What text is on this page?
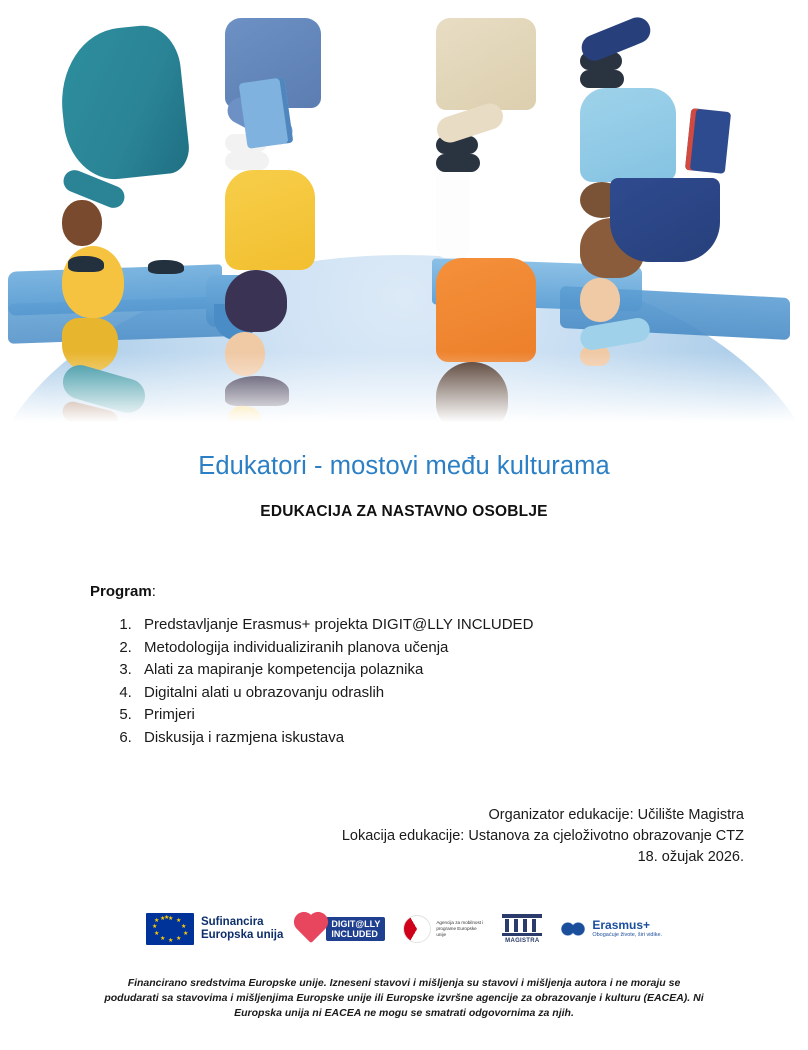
Edukatori - mostovi među kulturama
EDUKACIJA ZA NASTAVNO OSOBLJE
Program:
1. Predstavljanje Erasmus+ projekta DIGIT@LLY INCLUDED
2. Metodologija individualiziranih planova učenja
3. Alati za mapiranje kompetencija polaznika
4. Digitalni alati u obrazovanju odraslih
5. Primjeri
6. Diskusija i razmjena iskustava
Organizator edukacije: Učilište Magistra
Lokacija edukacije: Ustanova za cjeloživotno obrazovanje CTZ
18. ožujak 2026.
★ ★
★
★
★
★
★
★
★
★ ★
★	Sufinancira
Europska unija
DIGIT@LLY
INCLUDED
Agencija za mobilnost i
programe Europske unije
MAGISTRA
Erasmus+
Obogaćuje živote, širi vidike.
Financirano sredstvima Europske unije. Izneseni stavovi i mišljenja su stavovi i mišljenja autora i ne moraju se podudarati sa stavovima i mišljenjima Europske unije ili Europske izvršne agencije za obrazovanje i kulturu (EACEA). Ni Europska unija ni EACEA ne mogu se smatrati odgovornima za njih.
